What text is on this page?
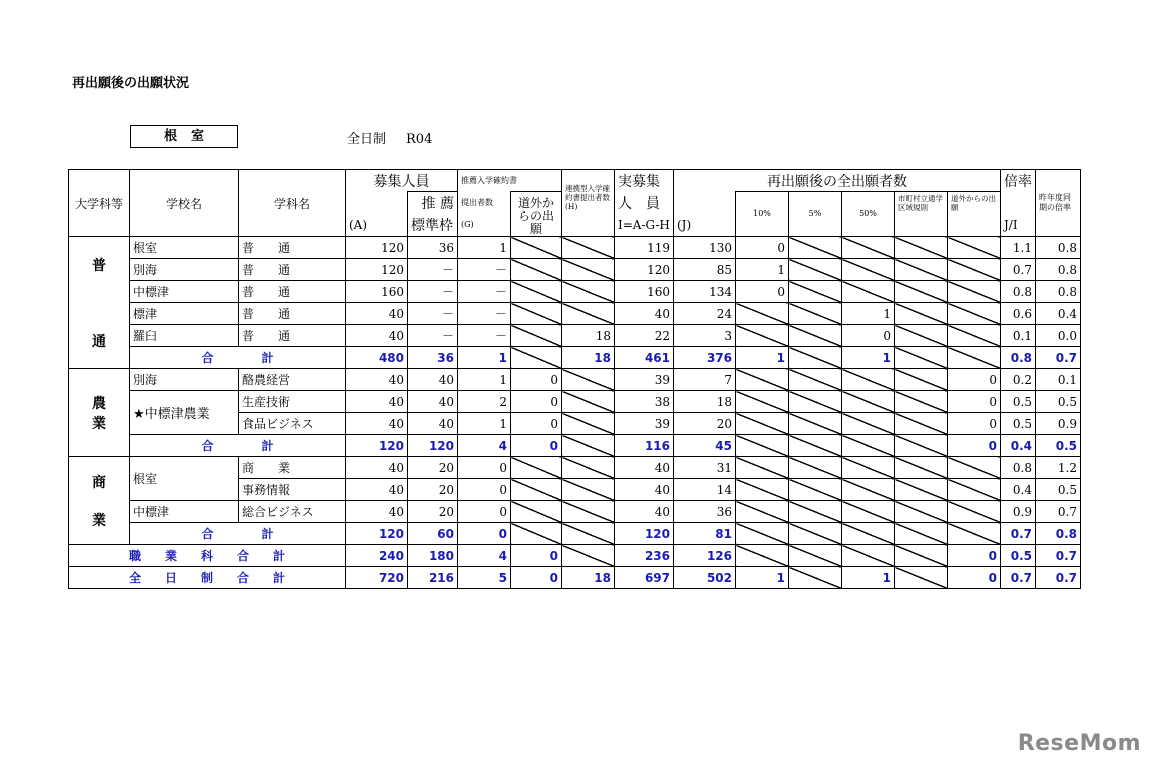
再出願後の出願状況
根室	全日制 R04
大学科等	学校名	学科名	募集人員		推薦入学確約書		連携型入学確約書提出者数(H)	実募集	再出願後の全出願者数						倍率	昨年度同期の倍率
				推 薦	提出者数	道外からの出願		人　員		10%	5%	50%	市町村立通学区域規則	道外からの出願		
			(A)	標準枠	(G)			I=A-G-H	(J)						J/I	

普
通	根室	普　　通	120	36	1			119	130	0					1.1	0.8
	別海	普　　通	120	－	－			120	85	1					0.7	0.8
	中標津	普　　通	160	－	－			160	134	0					0.8	0.8
	標津	普　　通	40	－	－			40	24			1			0.6	0.4
	羅臼	普　　通	40	－	－		18	22	3			0			0.1	0.0
	合　　　　計		480	36	1		18	461	376	1		1			0.8	0.7

農
業	別海	酪農経営	40	40	1	0		39	7					0	0.2	0.1
	★中標津農業	生産技術	40	40	2	0		38	18					0	0.5	0.5
		食品ビジネス	40	40	1	0		39	20					0	0.5	0.9
	合　　　　計		120	120	4	0		116	45					0	0.4	0.5

商
業	根室	商　　業	40	20	0			40	31						0.8	1.2
		事務情報	40	20	0			40	14						0.4	0.5
	中標津	総合ビジネス	40	20	0			40	36						0.9	0.7
	合　　　　計		120	60	0			120	81						0.7	0.8
職　　業　　科　　合　　計			240	180	4	0		236	126					0	0.5	0.7
全　　日　　制　　合　　計			720	216	5	0	18	697	502	1		1		0	0.7	0.7
ReseMom
